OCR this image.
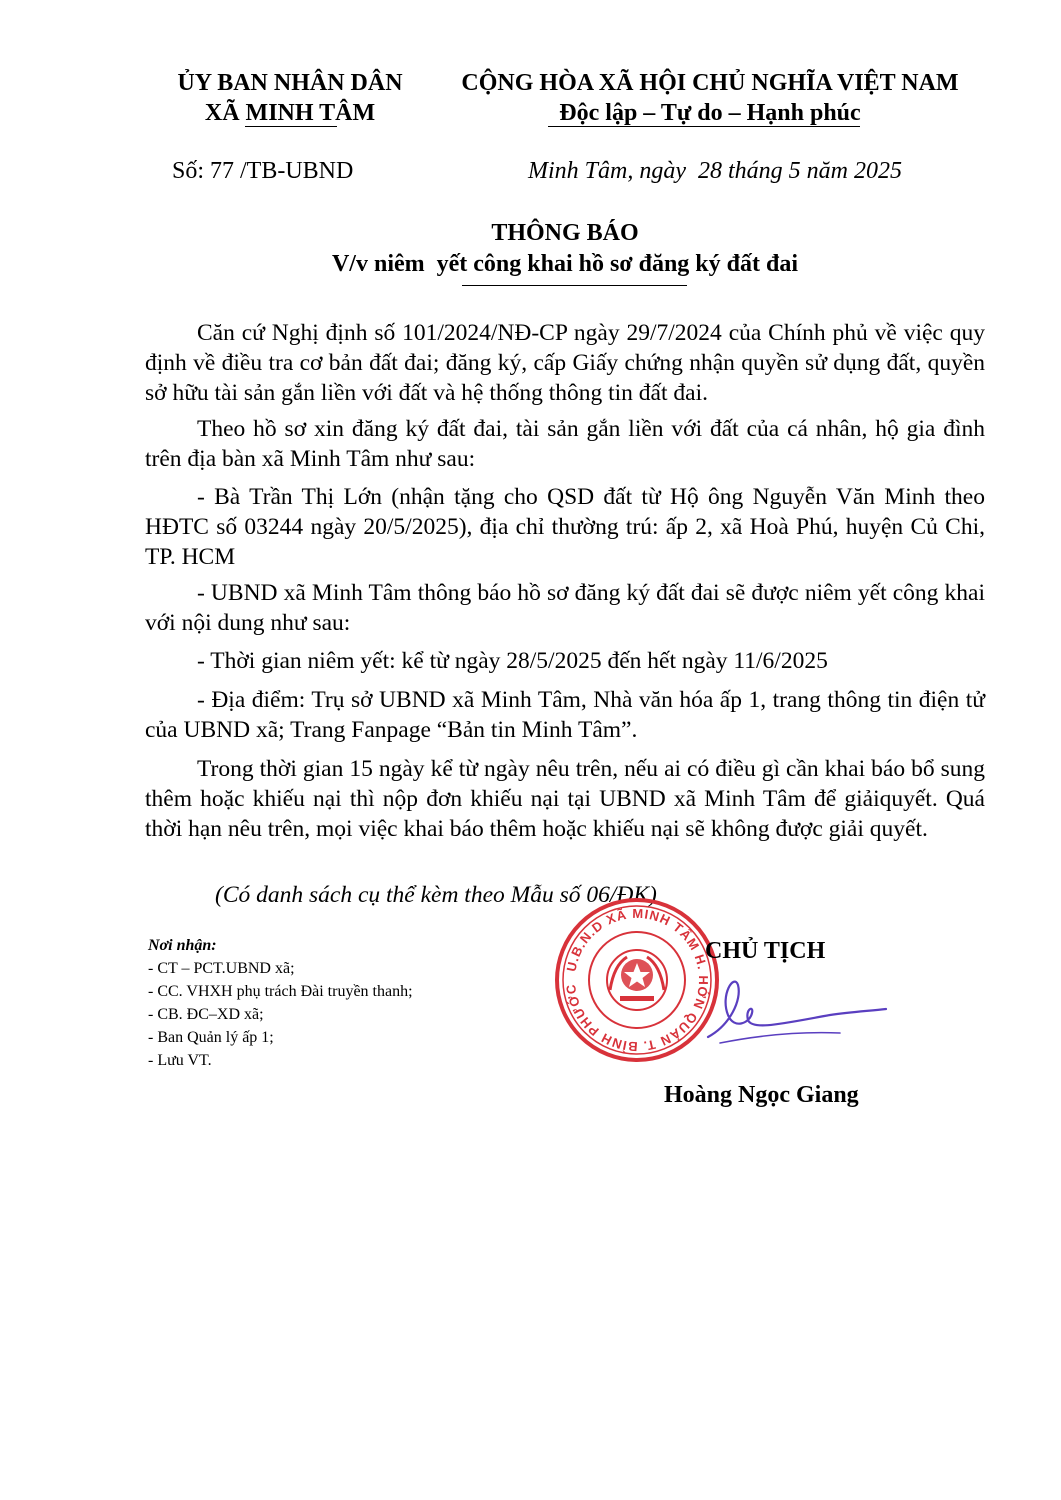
ỦY BAN NHÂN DÂN
XÃ MINH TÂM
CỘNG HÒA XÃ HỘI CHỦ NGHĨA VIỆT NAM
Độc lập – Tự do – Hạnh phúc
Số: 77 /TB-UBND	Minh Tâm, ngày  28 tháng 5 năm 2025
THÔNG BÁO
V/v niêm  yết công khai hồ sơ đăng ký đất đai
Căn cứ Nghị định số 101/2024/NĐ-CP ngày 29/7/2024 của Chính phủ về việc quy định về điều tra cơ bản đất đai; đăng ký, cấp Giấy chứng nhận quyền sử dụng đất, quyền sở hữu tài sản gắn liền với đất và hệ thống thông tin đất đai.
Theo hồ sơ xin đăng ký đất đai, tài sản gắn liền với đất của cá nhân, hộ gia đình trên địa bàn xã Minh Tâm như sau:
- Bà Trần Thị Lớn (nhận tặng cho QSD đất từ Hộ ông Nguyễn Văn Minh theo HĐTC số 03244 ngày 20/5/2025), địa chỉ thường trú: ấp 2, xã Hoà Phú, huyện Củ Chi, TP. HCM
- UBND xã Minh Tâm thông báo hồ sơ đăng ký đất đai sẽ được niêm yết công khai với nội dung như sau:
- Thời gian niêm yết: kể từ ngày 28/5/2025 đến hết ngày 11/6/2025
- Địa điểm: Trụ sở UBND xã Minh Tâm, Nhà văn hóa ấp 1, trang thông tin điện tử của UBND xã; Trang Fanpage “Bản tin Minh Tâm”.
Trong thời gian 15 ngày kể từ ngày nêu trên, nếu ai có điều gì cần khai báo bổ sung thêm hoặc khiếu nại thì nộp đơn khiếu nại tại UBND xã Minh Tâm để giảiquyết. Quá thời hạn nêu trên, mọi việc khai báo thêm hoặc khiếu nại sẽ không được giải quyết.
(Có danh sách cụ thể kèm theo Mẫu số 06/ĐK)
Nơi nhận:
- CT – PCT.UBND xã;
- CC. VHXH phụ trách Đài truyền thanh;
- CB. ĐC–XD xã;
- Ban Quản lý ấp 1;
- Lưu VT.
U.B.N.D XÃ MINH TÂM H. HỚN QUẢN T. BÌNH PHƯỚC
CHỦ TỊCH
Hoàng Ngọc Giang
